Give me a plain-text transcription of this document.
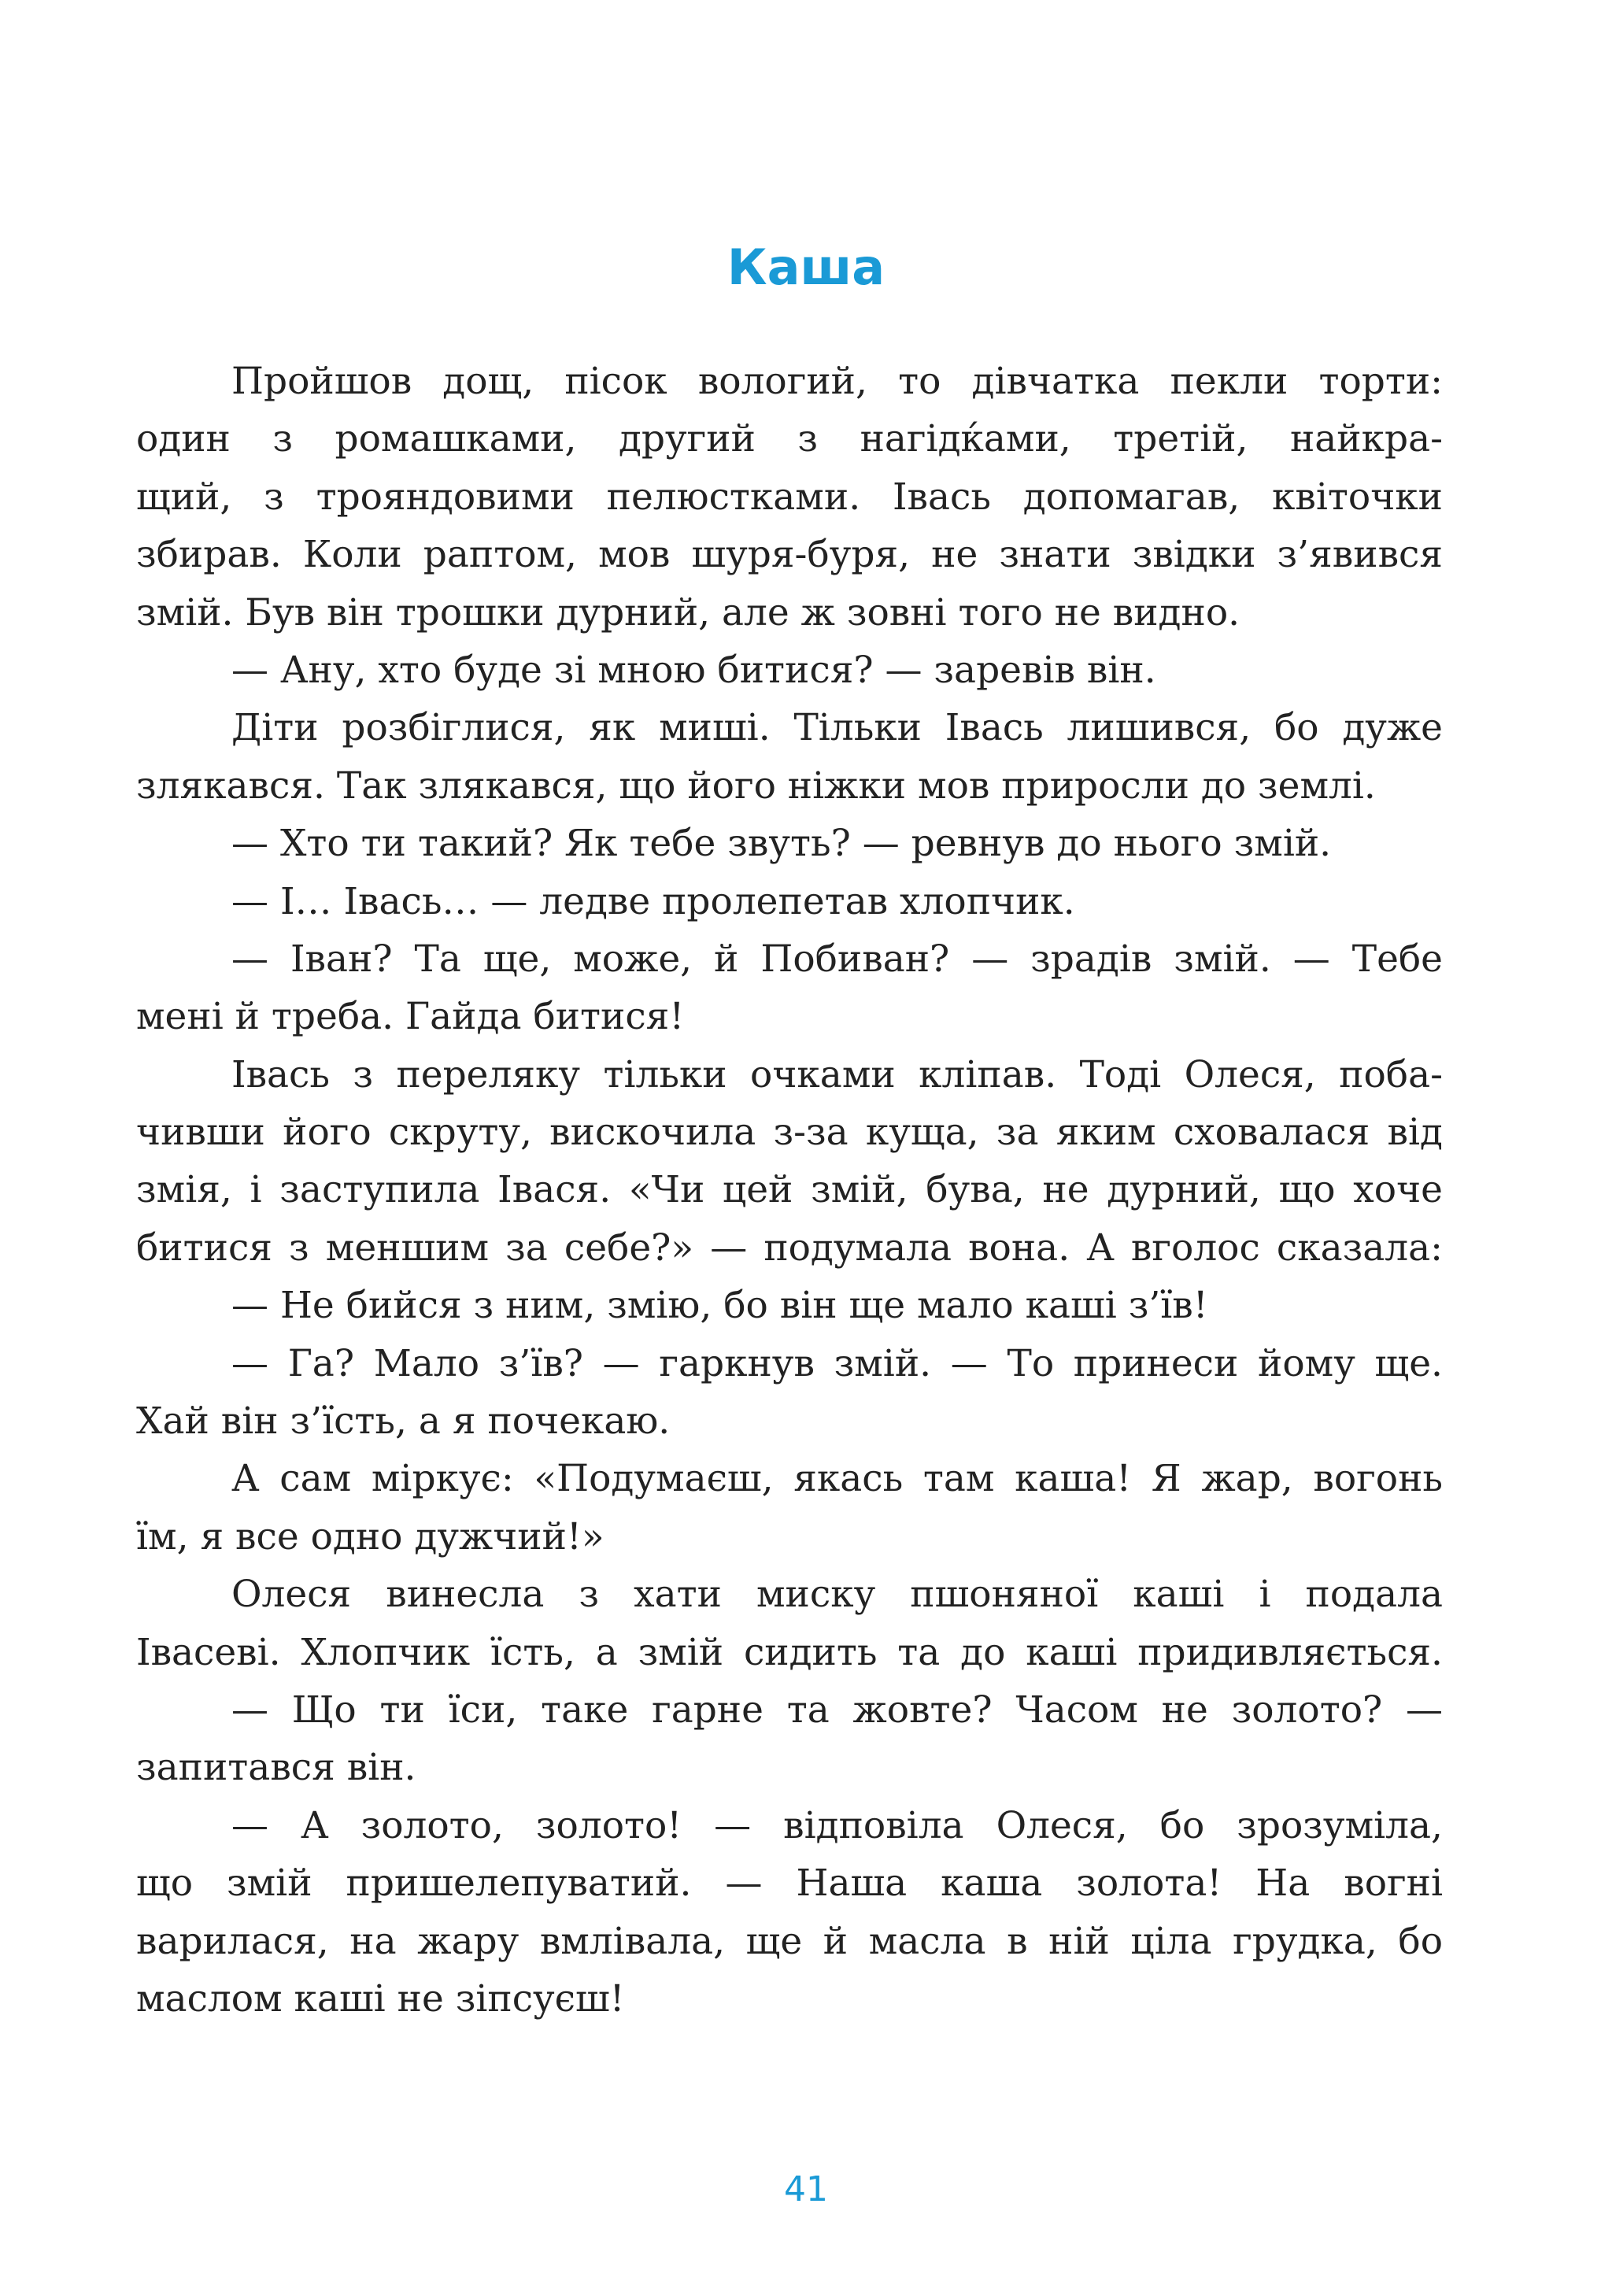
Каша
Пройшов дощ, пісок вологий, то дівчатка пекли торти:
один з ромашками, другий з нагідќами, третій, найкра-
щий, з трояндовими пелюстками. Івась допомагав, квіточки
збирав. Коли раптом, мов шуря-буря, не знати звідки з’явився
змій. Був він трошки дурний, але ж зовні того не видно.
— Ану, хто буде зі мною битися? — заревів він.
Діти розбіглися, як миші. Тільки Івась лишився, бо дуже
злякався. Так злякався, що його ніжки мов приросли до землі.
— Хто ти такий? Як тебе звуть? — ревнув до нього змій.
— І… Івась… — ледве пролепетав хлопчик.
— Іван? Та ще, може, й Побиван? — зрадів змій. — Тебе
мені й треба. Гайда битися!
Івась з переляку тільки очками кліпав. Тоді Олеся, поба-
чивши його скруту, вискочила з-за куща, за яким сховалася від
змія, і заступила Івася. «Чи цей змій, бува, не дурний, що хоче
битися з меншим за себе?» — подумала вона. А вголос сказала:
— Не бийся з ним, змію, бо він ще мало каші з’їв!
— Га? Мало з’їв? — гаркнув змій. — То принеси йому ще.
Хай він з’їсть, а я почекаю.
А сам міркує: «Подумаєш, якась там каша! Я жар, вогонь
їм, я все одно дужчий!»
Олеся винесла з хати миску пшоняної каші і подала
Івасеві. Хлопчик їсть, а змій сидить та до каші придивляється.
— Що ти їси, таке гарне та жовте? Часом не золото? —
запитався він.
— А золото, золото! — відповіла Олеся, бо зрозуміла,
що змій пришелепуватий. — Наша каша золота! На вогні
варилася, на жару вмлівала, ще й масла в ній ціла грудка, бо
маслом каші не зіпсуєш!
41
